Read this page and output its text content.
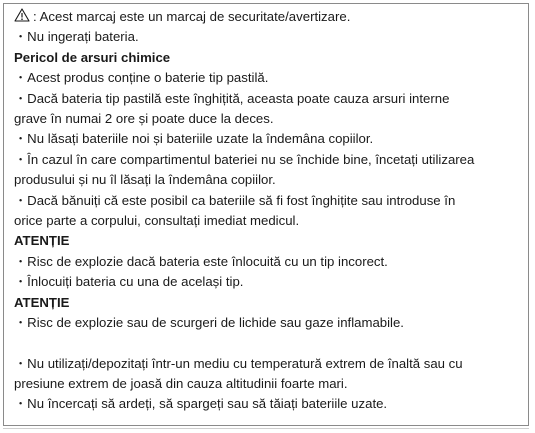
: Acest marcaj este un marcaj de securitate/avertizare.
・Nu ingerați bateria.
Pericol de arsuri chimice
・Acest produs conține o baterie tip pastilă.
・Dacă bateria tip pastilă este înghițită, aceasta poate cauza arsuri interne
grave în numai 2 ore și poate duce la deces.
・Nu lăsați bateriile noi și bateriile uzate la îndemâna copiilor.
・În cazul în care compartimentul bateriei nu se închide bine, încetați utilizarea
produsului și nu îl lăsați la îndemâna copiilor.
・Dacă bănuiți că este posibil ca bateriile să fi fost înghițite sau introduse în
orice parte a corpului, consultați imediat medicul.
ATENȚIE
・Risc de explozie dacă bateria este înlocuită cu un tip incorect.
・Înlocuiți bateria cu una de același tip.
ATENȚIE
・Risc de explozie sau de scurgeri de lichide sau gaze inflamabile.
・Nu utilizați/depozitați într-un mediu cu temperatură extrem de înaltă sau cu
presiune extrem de joasă din cauza altitudinii foarte mari.
・Nu încercați să ardeți, să spargeți sau să tăiați bateriile uzate.
